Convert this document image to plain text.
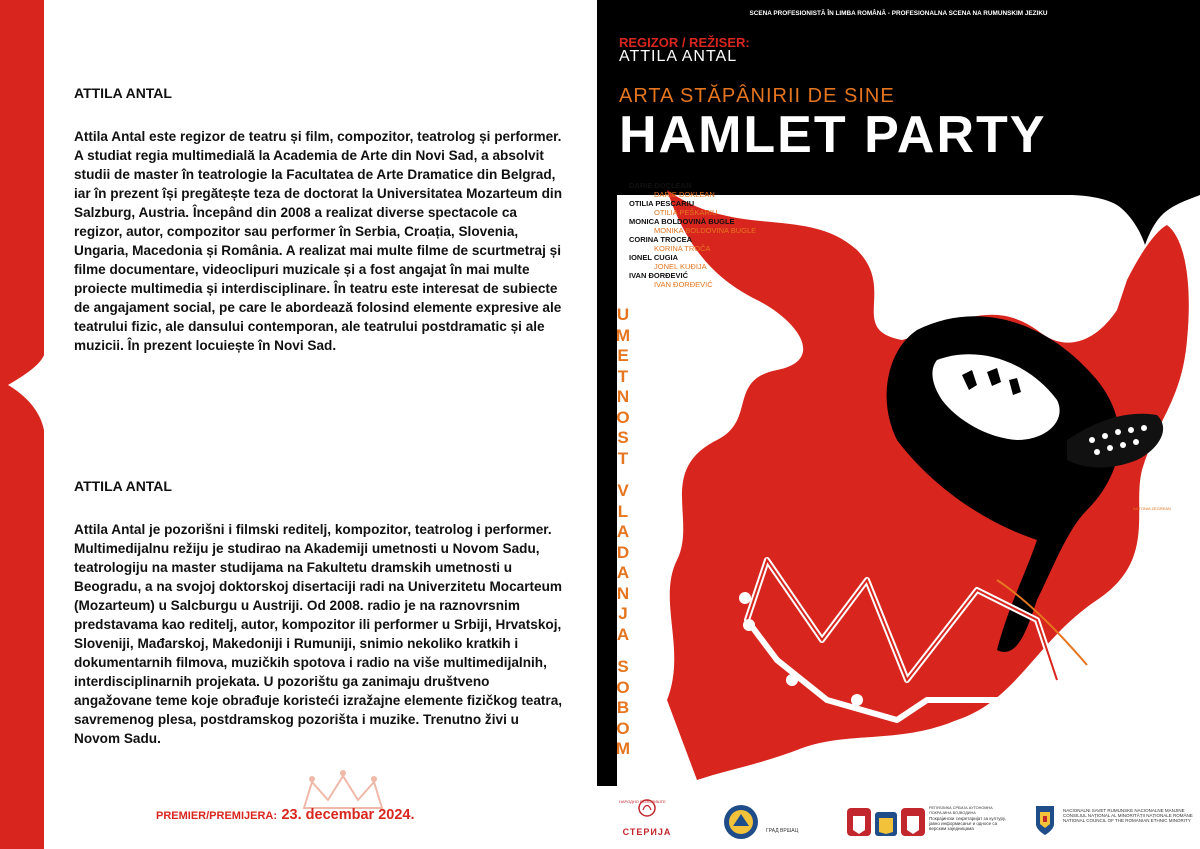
ATTILA ANTAL

Attila Antal este regizor de teatru și film, compozitor, teatrolog și performer. A studiat regia multimedială la Academia de Arte din Novi Sad, a absolvit studii de master în teatrologie la Facultatea de Arte Dramatice din Belgrad, iar în prezent își pregătește teza de doctorat la Universitatea Mozarteum din Salzburg, Austria. Începând din 2008 a realizat diverse spectacole ca regizor, autor, compozitor sau performer în Serbia, Croația, Slovenia, Ungaria, Macedonia și România. A realizat mai multe filme de scurtmetraj și filme documentare, videoclipuri muzicale și a fost angajat în mai multe proiecte multimedia și interdisciplinare. În teatru este interesat de subiecte de angajament social, pe care le abordează folosind elemente expresive ale teatrului fizic, ale dansului contemporan, ale teatrului postdramatic și ale muzicii. În prezent locuiește în Novi Sad.

ATTILA ANTAL

Attila Antal je pozorišni i filmski reditelj, kompozitor, teatrolog i performer. Multimedijalnu režiju je studirao na Akademiji umetnosti u Novom Sadu, teatrologiju na master studijama na Fakultetu dramskih umetnosti u Beogradu, a na svojoj doktorskoj disertaciji radi na Univerzitetu Mocarteum (Mozarteum) u Salcburgu u Austriji. Od 2008. radio je na raznovrsnim predstavama kao reditelj, autor, kompozitor ili performer u Srbiji, Hrvatskoj, Sloveniji, Mađarskoj, Makedoniji i Rumuniji, snimio nekoliko kratkih i dokumentarnih filmova, muzičkih spotova i radio na više multimedijalnih, interdisciplinarnih projekata. U pozorištu ga zanimaju društveno angažovane teme koje obrađuje koristeći izražajne elemente fizičkog teatra, savremenog plesa, postdramskog pozorišta i muzike. Trenutno živi u Novom Sadu.

PREMIER/PREMIJERA: 23. decembar 2024.
SCENA PROFESIONISTĂ ÎN LIMBA ROMÂNĂ - PROFESIONALNA SCENA NA RUMUNSKIM JEZIKU
REGIZOR / REŽISER:
ATTILA ANTAL
ARTA STĂPÂNIRII DE SINE
HAMLET PARTY
DARIE DOCLEAN
DARIE DOKLEAN
OTILIA PESCARIU
OTILIA PEŠKARIU
MONICA BOLDOVINĂ BUGLE
MONIKA BOLDOVINA BUGLE
CORINA TROCEA
KORINA TROČA
IONEL CUGIA
JONEL KUĐIJA
IVAN ĐORĐEVIĆ
IVAN ĐORĐEVIĆ
U
M
E
T
N
O
S
T
V
L
A
D
A
N
J
A
S
O
B
O
M
ANTONIA ZEGREAN
НАРОДНО ПОЗОРИШТЕ
СТЕРИЈА	ГРАД ВРШАЦ
РЕПУБЛИКА СРБИЈА АУТОНОМНА ПОКРАЈИНА ВОЈВОДИНА
Покрајински секретаријат за културу, јавно информисање и односе са верским заједницама
NACIONALNI SAVET RUMUNSKE NACIONALNE MANJINE CONSILIUL NAȚIONAL AL MINORITĂȚII NAȚIONALE ROMÂNE NATIONAL COUNCIL OF THE ROMANIAN ETHNIC MINORITY
